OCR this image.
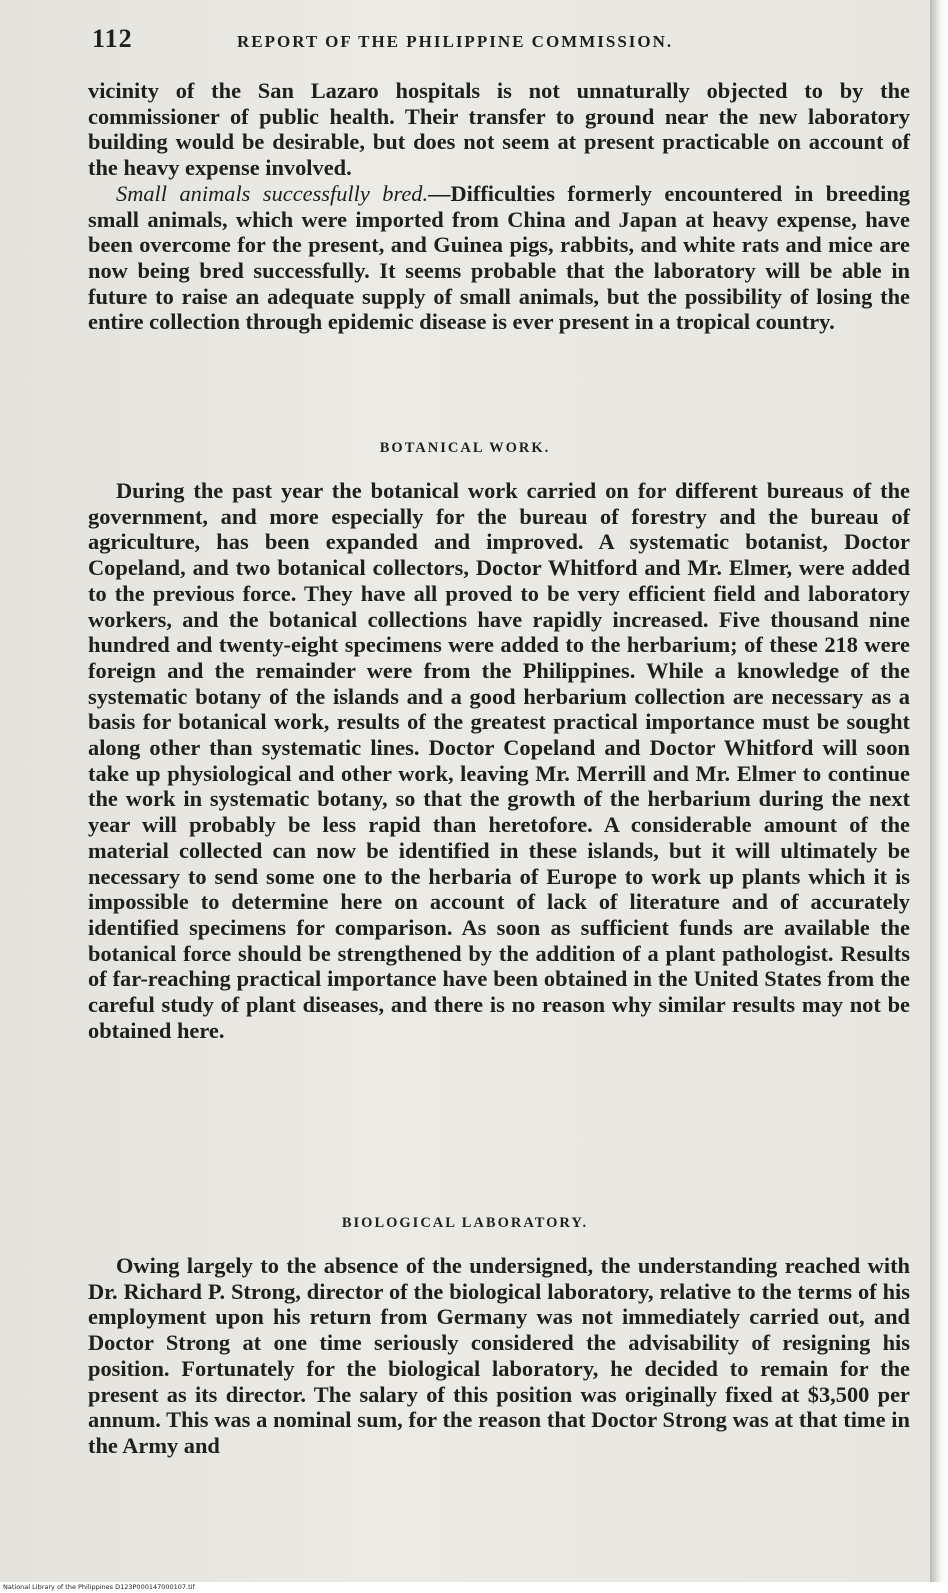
112	REPORT OF THE PHILIPPINE COMMISSION.

vicinity of the San Lazaro hospitals is not unnaturally objected to by the commissioner of public health. Their transfer to ground near the new laboratory building would be desirable, but does not seem at present practicable on account of the heavy expense involved.

Small animals successfully bred.—Difficulties formerly encountered in breeding small animals, which were imported from China and Japan at heavy expense, have been overcome for the present, and Guinea pigs, rabbits, and white rats and mice are now being bred successfully. It seems probable that the laboratory will be able in future to raise an adequate supply of small animals, but the possibility of losing the entire collection through epidemic disease is ever present in a tropical country.

BOTANICAL WORK.

During the past year the botanical work carried on for different bureaus of the government, and more especially for the bureau of forestry and the bureau of agriculture, has been expanded and improved. A systematic botanist, Doctor Copeland, and two botanical collectors, Doctor Whitford and Mr. Elmer, were added to the previous force. They have all proved to be very efficient field and laboratory workers, and the botanical collections have rapidly increased. Five thousand nine hundred and twenty-eight specimens were added to the herbarium; of these 218 were foreign and the remainder were from the Philippines. While a knowledge of the systematic botany of the islands and a good herbarium collection are necessary as a basis for botanical work, results of the greatest practical importance must be sought along other than systematic lines. Doctor Copeland and Doctor Whitford will soon take up physiological and other work, leaving Mr. Merrill and Mr. Elmer to continue the work in systematic botany, so that the growth of the herbarium during the next year will probably be less rapid than heretofore. A considerable amount of the material collected can now be identified in these islands, but it will ultimately be necessary to send some one to the herbaria of Europe to work up plants which it is impossible to determine here on account of lack of literature and of accurately identified specimens for comparison. As soon as sufficient funds are available the botanical force should be strengthened by the addition of a plant pathologist. Results of far-reaching practical importance have been obtained in the United States from the careful study of plant diseases, and there is no reason why similar results may not be obtained here.

BIOLOGICAL LABORATORY.

Owing largely to the absence of the undersigned, the understanding reached with Dr. Richard P. Strong, director of the biological laboratory, relative to the terms of his employment upon his return from Germany was not immediately carried out, and Doctor Strong at one time seriously considered the advisability of resigning his position. Fortunately for the biological laboratory, he decided to remain for the present as its director. The salary of this position was originally fixed at $3,500 per annum. This was a nominal sum, for the reason that Doctor Strong was at that time in the Army and

National Library of the Philippines D123P000147000107.tif
